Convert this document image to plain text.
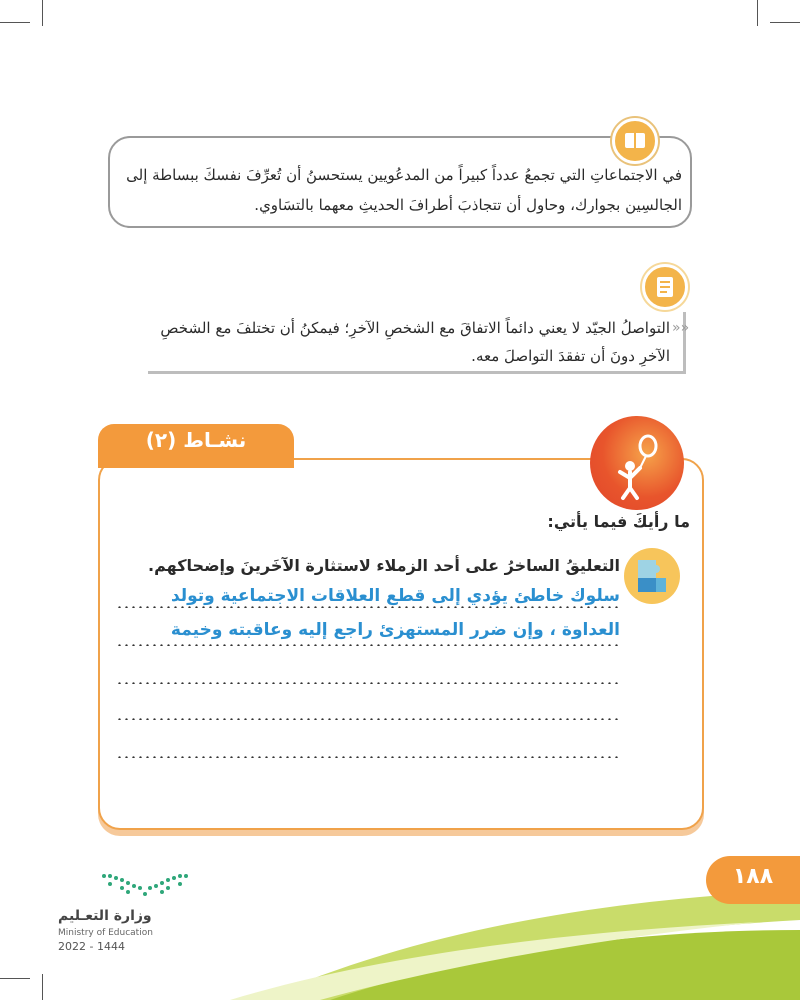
في الاجتماعاتِ التي تجمعُ عدداً كبيراً من المدعُويين يستحسنُ أن تُعرِّفَ نفسكَ ببساطة إلى الجالسِين بجوارك، وحاول أن تتجاذبَ أطرافَ الحديثِ معهما بالتسَاوي.
»»
التواصلُ الجيّد لا يعني دائماً الاتفاقَ مع الشخصِ الآخرِ؛ فيمكنُ أن تختلفَ مع الشخصِ الآخرِ دونَ أن تفقدَ التواصلَ معه.
نشـاط (٢)
ما رأيكَ فيما يأتي:
التعليقُ الساخرُ على أحد الزملاء لاستثارة الآخَرينَ وإضحاكهم.
سلوك خاطئ يؤدي إلى قطع العلاقات الاجتماعية وتولد
العداوة ، وإن ضرر المستهزئ راجع إليه وعاقبته وخيمة
١٨٨
وزارة التعـليم
Ministry of Education
2022 - 1444
